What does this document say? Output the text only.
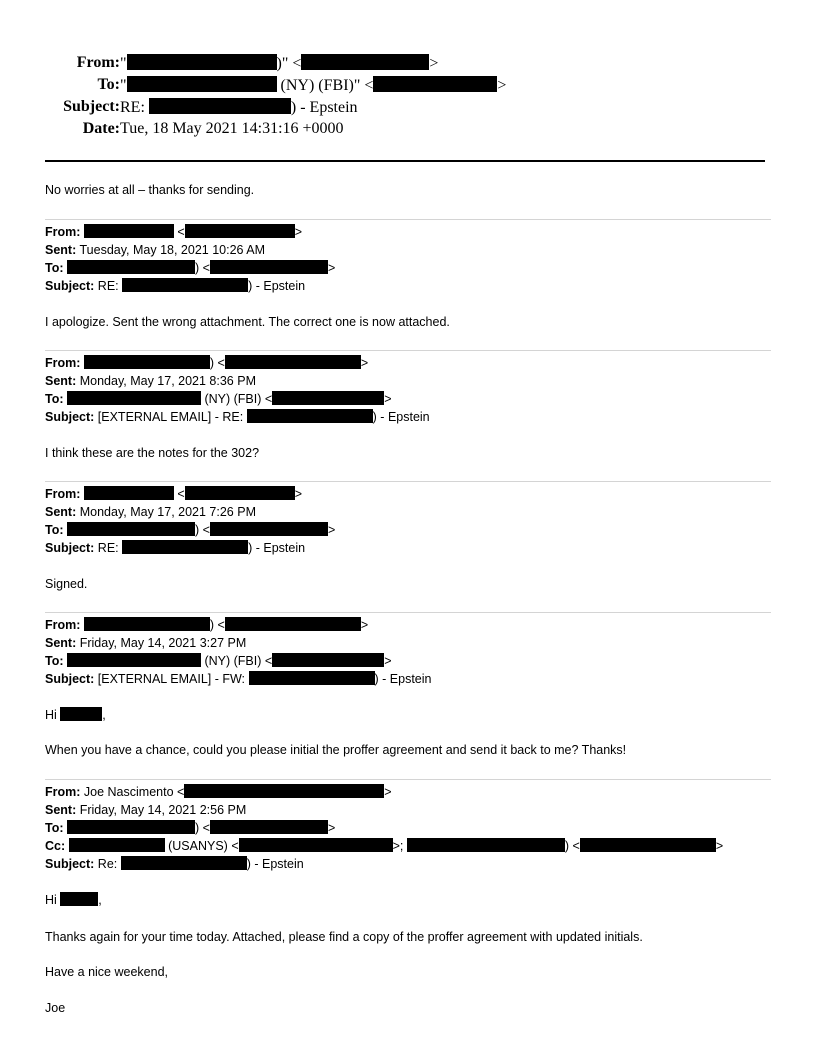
From: "	)" <	>
To: "	(NY) (FBI)" <	>
Subject: RE:	) - Epstein
Date: Tue, 18 May 2021 14:31:16 +0000
No worries at all – thanks for sending.
From:	<	>
Sent: Tuesday, May 18, 2021 10:26 AM
To:	) <	>
Subject: RE:	) - Epstein
I apologize. Sent the wrong attachment. The correct one is now attached.
From:	) <	>
Sent: Monday, May 17, 2021 8:36 PM
To:	(NY) (FBI) <	>
Subject: [EXTERNAL EMAIL] - RE:	) - Epstein
I think these are the notes for the 302?
From:	<	>
Sent: Monday, May 17, 2021 7:26 PM
To:	) <	>
Subject: RE:	) - Epstein
Signed.
From:	) <	>
Sent: Friday, May 14, 2021 3:27 PM
To:	(NY) (FBI) <	>
Subject: [EXTERNAL EMAIL] - FW:	) - Epstein
Hi	,
When you have a chance, could you please initial the proffer agreement and send it back to me? Thanks!
From: Joe Nascimento <	>
Sent: Friday, May 14, 2021 2:56 PM
To:	) <	>
Cc:	(USANYS) <	>;	) <	>
Subject: Re:	) - Epstein
Hi	,
Thanks again for your time today. Attached, please find a copy of the proffer agreement with updated initials.
Have a nice weekend,
Joe
